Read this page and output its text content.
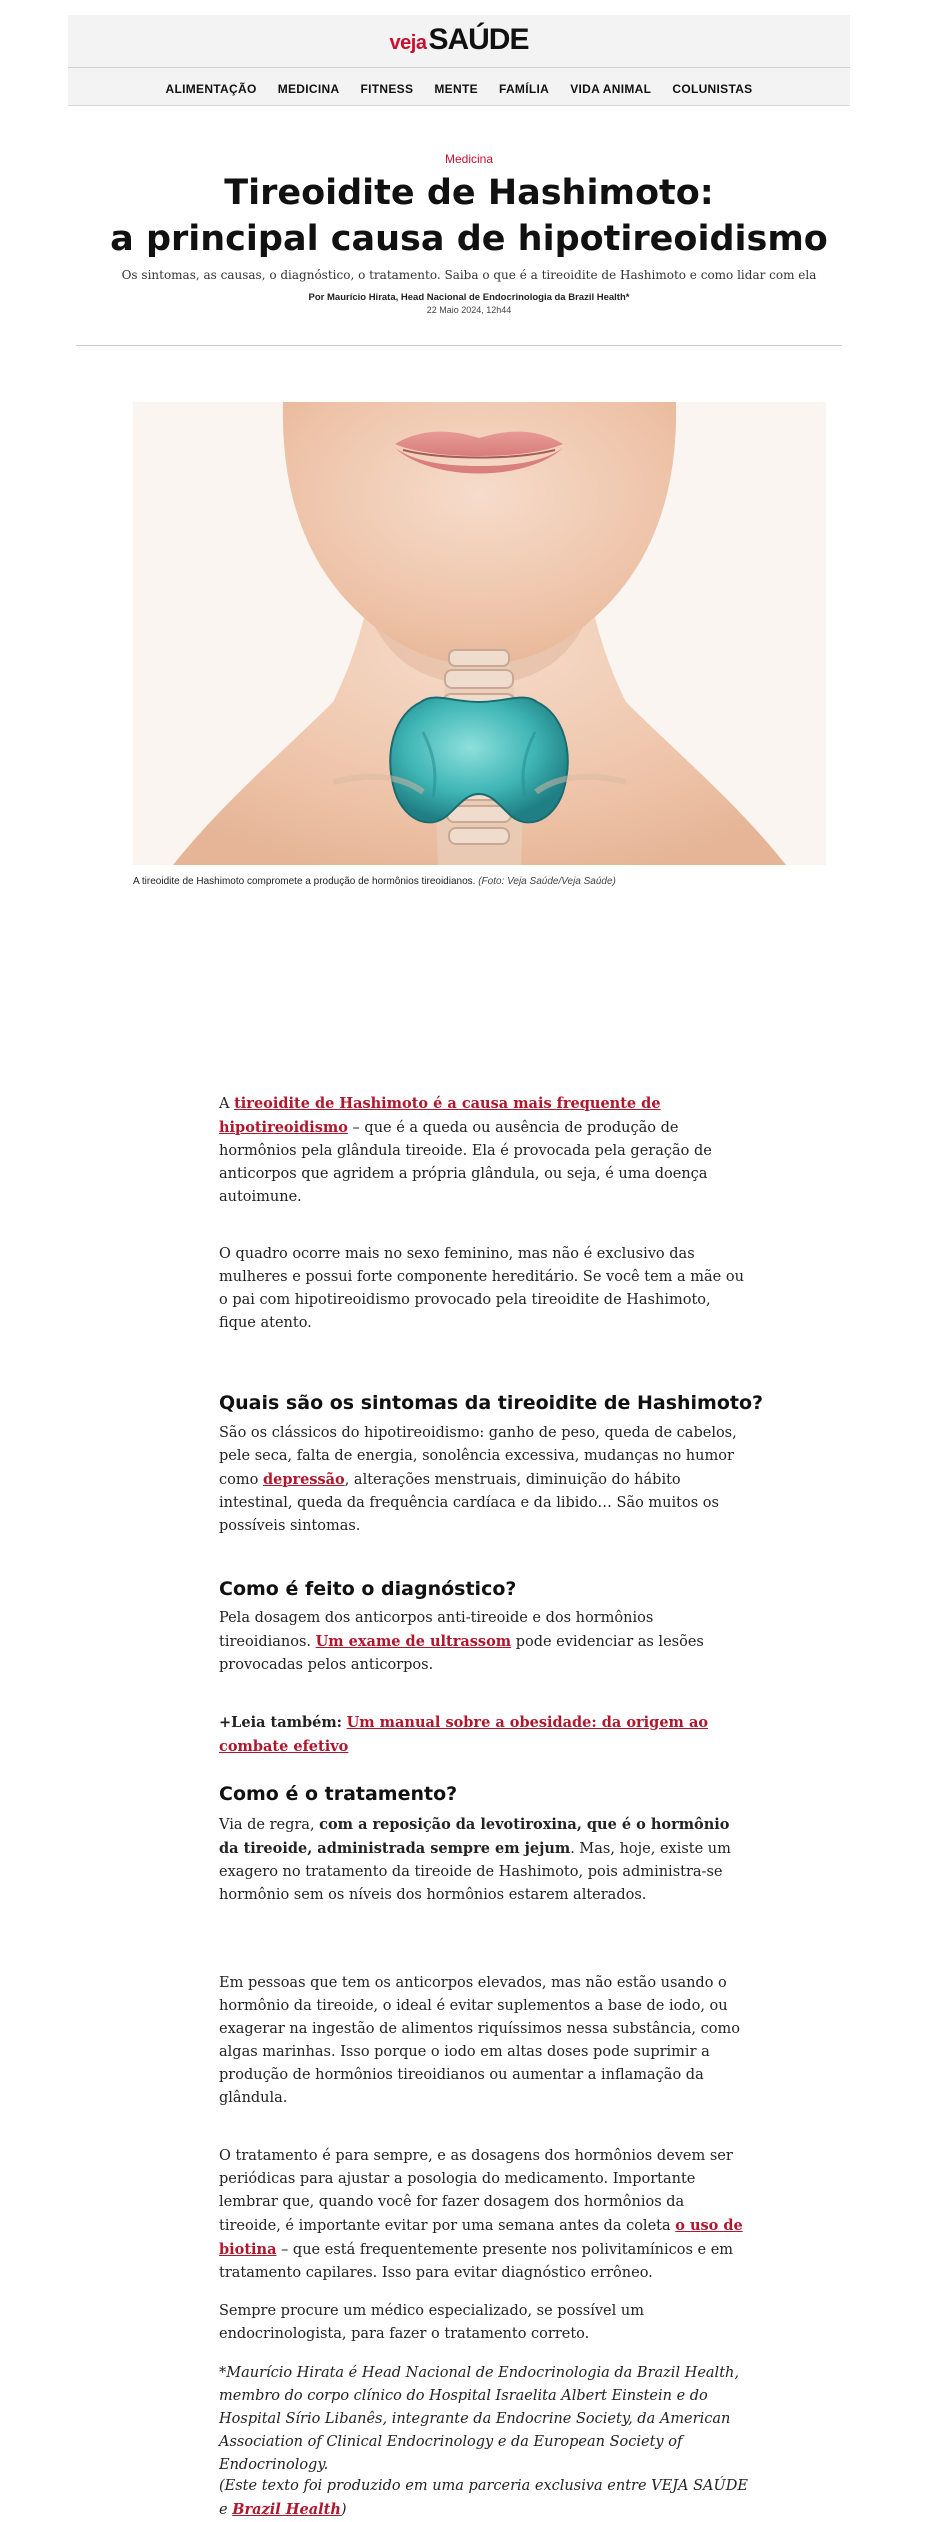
vejaSAÚDE
ALIMENTAÇÃO MEDICINA FITNESS MENTE FAMÍLIA VIDA ANIMAL COLUNISTAS
Medicina
Tireoidite de Hashimoto:
a principal causa de hipotireoidismo
Os sintomas, as causas, o diagnóstico, o tratamento. Saiba o que é a tireoidite de Hashimoto e como lidar com ela
Por Maurício Hirata, Head Nacional de Endocrinologia da Brazil Health*
22 Maio 2024, 12h44
A tireoidite de Hashimoto compromete a produção de hormônios tireoidianos. (Foto: Veja Saúde/Veja Saúde)

A tireoidite de Hashimoto é a causa mais frequente de hipotireoidismo – que é a queda ou ausência de produção de hormônios pela glândula tireoide. Ela é provocada pela geração de anticorpos que agridem a própria glândula, ou seja, é uma doença autoimune.

O quadro ocorre mais no sexo feminino, mas não é exclusivo das mulheres e possui forte componente hereditário. Se você tem a mãe ou o pai com hipotireoidismo provocado pela tireoidite de Hashimoto, fique atento.

Quais são os sintomas da tireoidite de Hashimoto?

São os clássicos do hipotireoidismo: ganho de peso, queda de cabelos, pele seca, falta de energia, sonolência excessiva, mudanças no humor como depressão, alterações menstruais, diminuição do hábito intestinal, queda da frequência cardíaca e da libido… São muitos os possíveis sintomas.

Como é feito o diagnóstico?

Pela dosagem dos anticorpos anti-tireoide e dos hormônios tireoidianos. Um exame de ultrassom pode evidenciar as lesões provocadas pelos anticorpos.

+Leia também: Um manual sobre a obesidade: da origem ao combate efetivo

Como é o tratamento?

Via de regra, com a reposição da levotiroxina, que é o hormônio da tireoide, administrada sempre em jejum. Mas, hoje, existe um exagero no tratamento da tireoide de Hashimoto, pois administra-se hormônio sem os níveis dos hormônios estarem alterados.

Em pessoas que tem os anticorpos elevados, mas não estão usando o hormônio da tireoide, o ideal é evitar suplementos a base de iodo, ou exagerar na ingestão de alimentos riquíssimos nessa substância, como algas marinhas. Isso porque o iodo em altas doses pode suprimir a produção de hormônios tireoidianos ou aumentar a inflamação da glândula.

O tratamento é para sempre, e as dosagens dos hormônios devem ser periódicas para ajustar a posologia do medicamento. Importante lembrar que, quando você for fazer dosagem dos hormônios da tireoide, é importante evitar por uma semana antes da coleta o uso de biotina – que está frequentemente presente nos polivitamínicos e em tratamento capilares. Isso para evitar diagnóstico errôneo.

Sempre procure um médico especializado, se possível um endocrinologista, para fazer o tratamento correto.

*Maurício Hirata é Head Nacional de Endocrinologia da Brazil Health, membro do corpo clínico do Hospital Israelita Albert Einstein e do Hospital Sírio Libanês, integrante da Endocrine Society, da American Association of Clinical Endocrinology e da European Society of Endocrinology.

(Este texto foi produzido em uma parceria exclusiva entre VEJA SAÚDE e Brazil Health)
